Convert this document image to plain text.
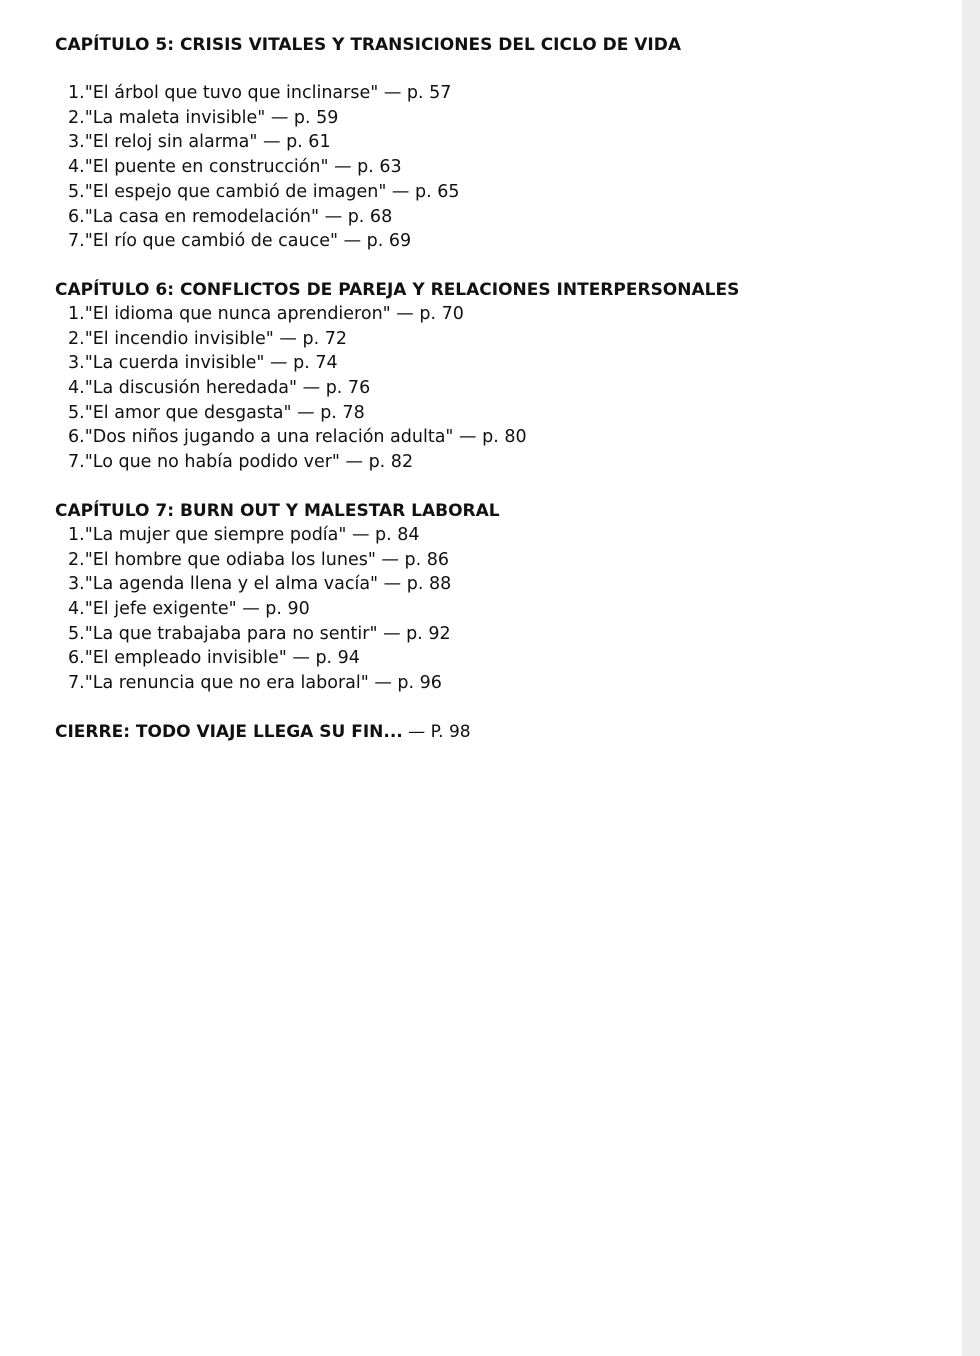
CAPÍTULO 5: CRISIS VITALES Y TRANSICIONES DEL CICLO DE VIDA
1."El árbol que tuvo que inclinarse" — p. 57
2."La maleta invisible" — p. 59
3."El reloj sin alarma" — p. 61
4."El puente en construcción" — p. 63
5."El espejo que cambió de imagen" — p. 65
6."La casa en remodelación" — p. 68
7."El río que cambió de cauce" — p. 69
CAPÍTULO 6: CONFLICTOS DE PAREJA Y RELACIONES INTERPERSONALES
1."El idioma que nunca aprendieron" — p. 70
2."El incendio invisible" — p. 72
3."La cuerda invisible" — p. 74
4."La discusión heredada" — p. 76
5."El amor que desgasta" — p. 78
6."Dos niños jugando a una relación adulta" — p. 80
7."Lo que no había podido ver" — p. 82
CAPÍTULO 7: BURN OUT Y MALESTAR LABORAL
1."La mujer que siempre podía" — p. 84
2."El hombre que odiaba los lunes" — p. 86
3."La agenda llena y el alma vacía" — p. 88
4."El jefe exigente" — p. 90
5."La que trabajaba para no sentir" — p. 92
6."El empleado invisible" — p. 94
7."La renuncia que no era laboral" — p. 96

CIERRE: TODO VIAJE LLEGA SU FIN... — P. 98
